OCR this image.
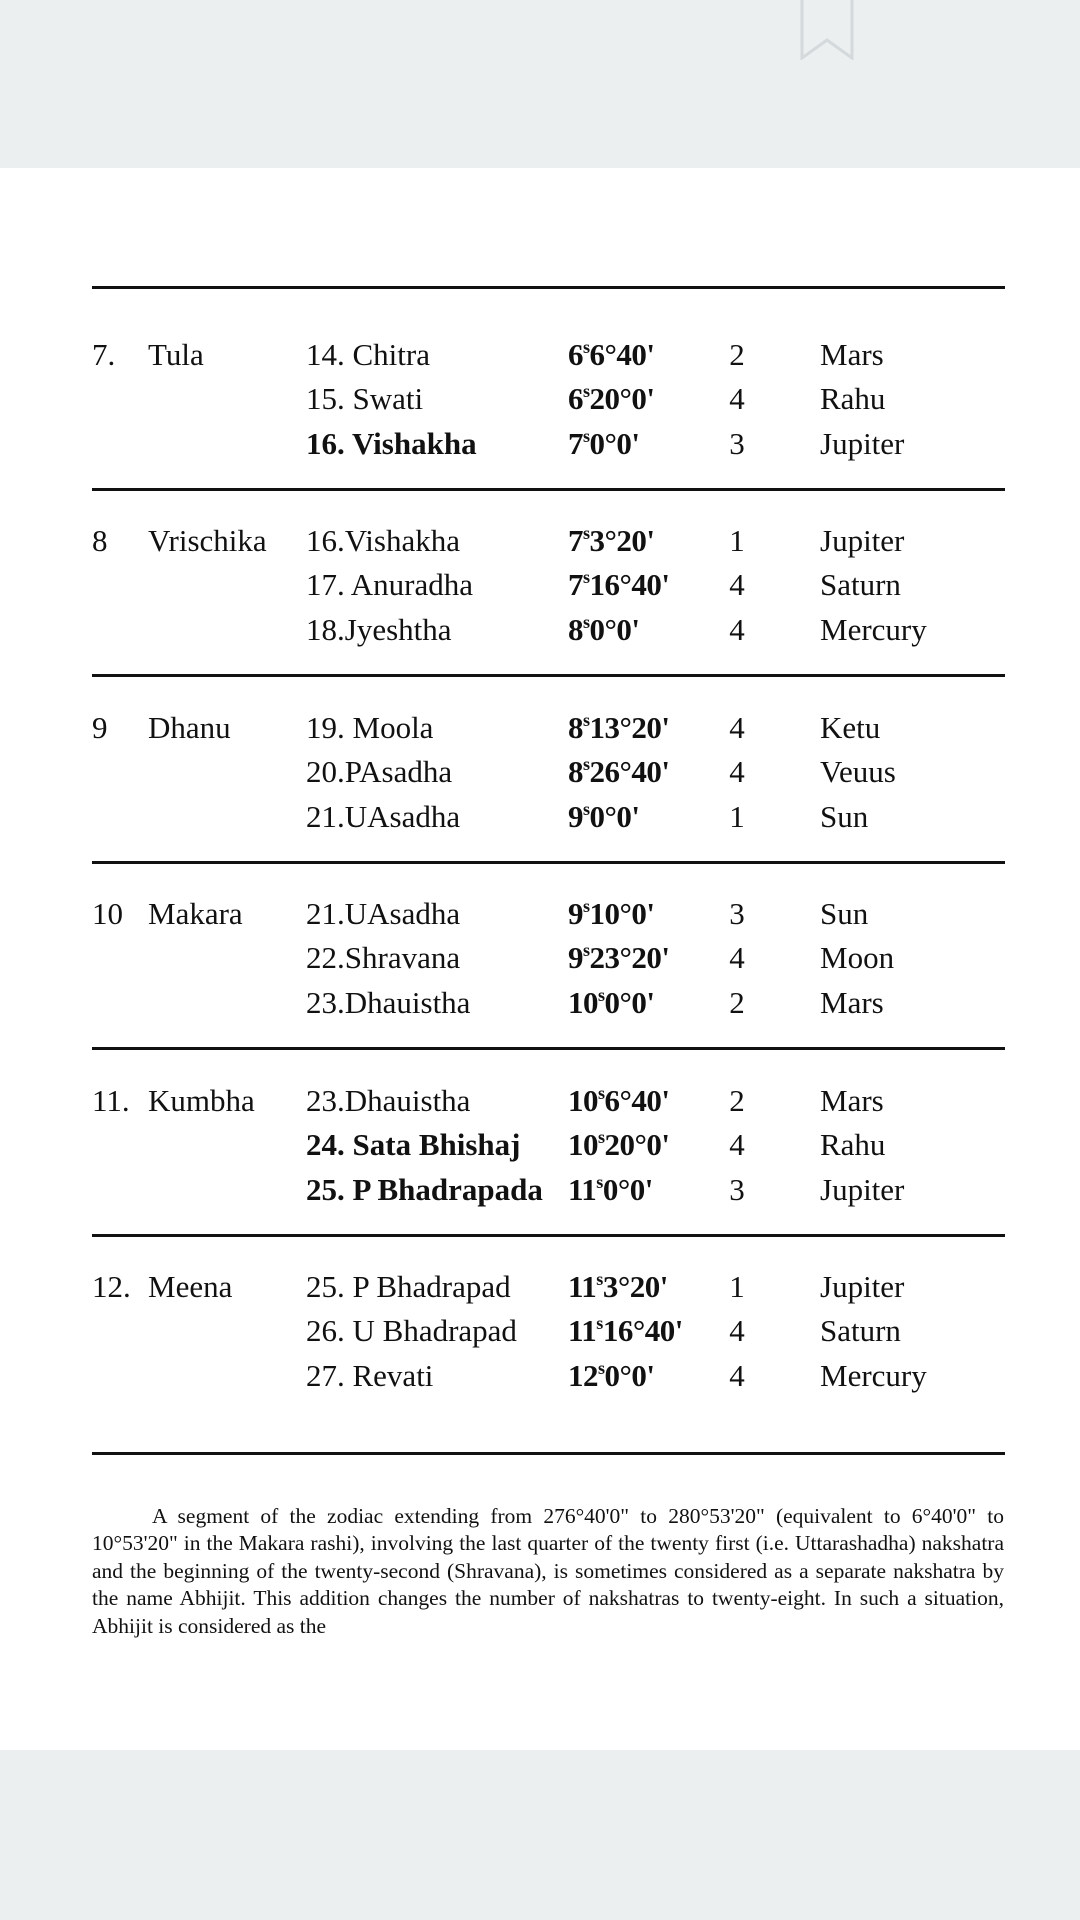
7. Tula	14. Chitra	6$^s$6°40' 2 Mars
15. Swati	6$^s$20°0' 4 Rahu
16. Vishakha	7$^s$0°0'	3 Jupiter
8 Vrischika 16.Vishakha	7$^s$3°20' 1 Jupiter
17. Anuradha	7$^s$16°40' 4 Saturn
18.Jyeshtha	8$^s$0°0'	4 Mercury
9 Dhanu 19. Moola	8$^s$13°20' 4 Ketu
20.PAsadha	8$^s$26°40' 4 Veuus
21.UAsadha	9$^s$0°0'	1 Sun
10 Makara 21.UAsadha	9$^s$10°0' 3 Sun
22.Shravana	9$^s$23°20' 4 Moon
23.Dhauistha	10$^s$0°0' 2 Mars
11. Kumbha 23.Dhauistha	10$^s$6°40' 2 Mars
24. Sata Bhishaj 10$^s$20°0' 4 Rahu
25. P Bhadrapada 11$^s$0°0' 3 Jupiter
12. Meena 25. P Bhadrapad 11$^s$3°20' 1 Jupiter
26. U Bhadrapad 11$^s$16°40' 4 Saturn
27. Revati	12$^s$0°0' 4 Mercury

A segment of the zodiac extending from 276°40'0" to 280°53'20" (equivalent to 6°40'0" to 10°53'20" in the Makara rashi), involving the last quarter of the twenty first (i.e. Uttarashadha) nakshatra and the beginning of the twenty-second (Shravana), is sometimes considered as a separate nakshatra by the name Abhijit. This addition changes the number of nakshatras to twenty-eight. In such a situation, Abhijit is considered as the
